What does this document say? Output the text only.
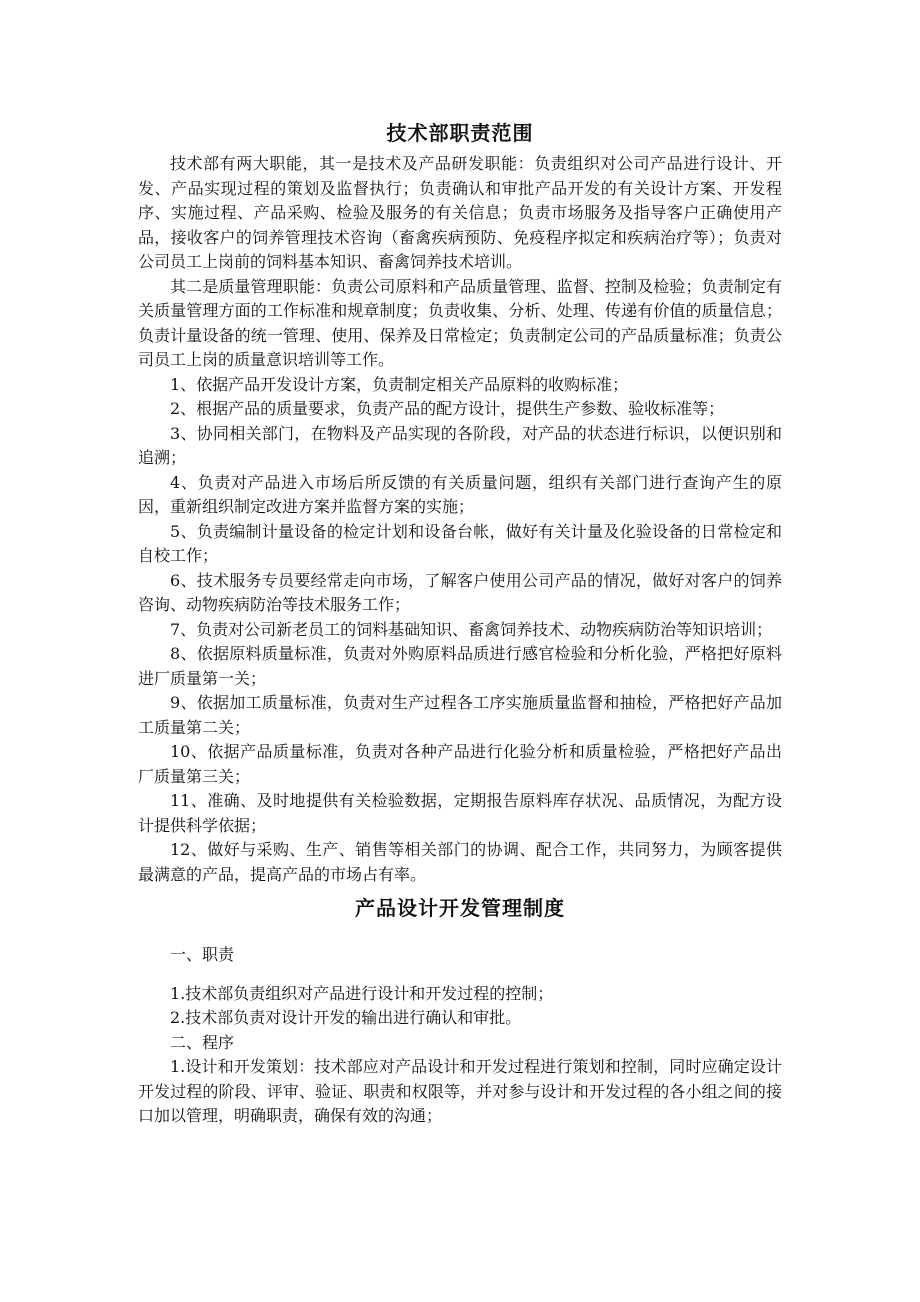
技术部职责范围

技术部有两大职能，其一是技术及产品研发职能：负责组织对公司产品进行设计、开发、产品实现过程的策划及监督执行；负责确认和审批产品开发的有关设计方案、开发程序、实施过程、产品采购、检验及服务的有关信息；负责市场服务及指导客户正确使用产品，接收客户的饲养管理技术咨询（畜禽疾病预防、免疫程序拟定和疾病治疗等）；负责对公司员工上岗前的饲料基本知识、畜禽饲养技术培训。

其二是质量管理职能：负责公司原料和产品质量管理、监督、控制及检验；负责制定有关质量管理方面的工作标准和规章制度；负责收集、分析、处理、传递有价值的质量信息；负责计量设备的统一管理、使用、保养及日常检定；负责制定公司的产品质量标准；负责公司员工上岗的质量意识培训等工作。

1、依据产品开发设计方案，负责制定相关产品原料的收购标准；

2、根据产品的质量要求，负责产品的配方设计，提供生产参数、验收标准等；

3、协同相关部门，在物料及产品实现的各阶段，对产品的状态进行标识，以便识别和追溯；

4、负责对产品进入市场后所反馈的有关质量问题，组织有关部门进行查询产生的原因，重新组织制定改进方案并监督方案的实施；

5、负责编制计量设备的检定计划和设备台帐，做好有关计量及化验设备的日常检定和自校工作；

6、技术服务专员要经常走向市场，了解客户使用公司产品的情况，做好对客户的饲养咨询、动物疾病防治等技术服务工作；

7、负责对公司新老员工的饲料基础知识、畜禽饲养技术、动物疾病防治等知识培训；

8、依据原料质量标准，负责对外购原料品质进行感官检验和分析化验，严格把好原料进厂质量第一关；

9、依据加工质量标准，负责对生产过程各工序实施质量监督和抽检，严格把好产品加工质量第二关；

10、依据产品质量标准，负责对各种产品进行化验分析和质量检验，严格把好产品出厂质量第三关；

11、准确、及时地提供有关检验数据，定期报告原料库存状况、品质情况，为配方设计提供科学依据；

12、做好与采购、生产、销售等相关部门的协调、配合工作，共同努力，为顾客提供最满意的产品，提高产品的市场占有率。

产品设计开发管理制度

一、职责

1.技术部负责组织对产品进行设计和开发过程的控制；

2.技术部负责对设计开发的输出进行确认和审批。

二、程序

1.设计和开发策划：技术部应对产品设计和开发过程进行策划和控制，同时应确定设计开发过程的阶段、评审、验证、职责和权限等，并对参与设计和开发过程的各小组之间的接口加以管理，明确职责，确保有效的沟通；
